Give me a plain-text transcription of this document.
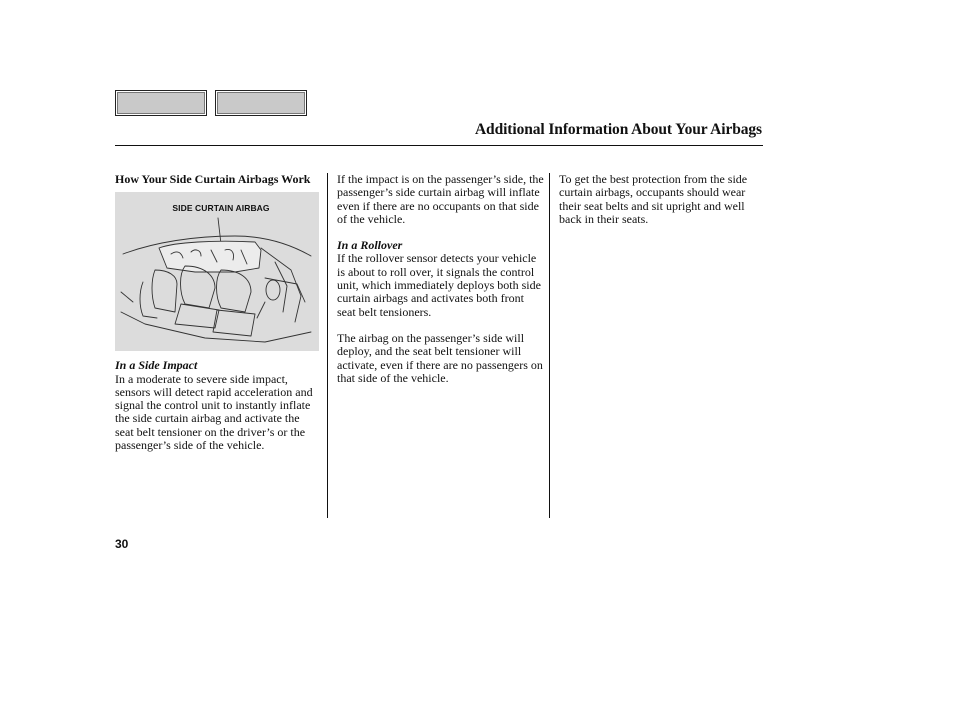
Additional Information About Your Airbags
How Your Side Curtain Airbags Work
SIDE CURTAIN AIRBAG
In a Side Impact

In a moderate to severe side impact, sensors will detect rapid acceleration and signal the control unit to instantly inflate the side curtain airbag and activate the seat belt tensioner on the driver’s or the passenger’s side of the vehicle.

If the impact is on the passenger’s side, the passenger’s side curtain airbag will inflate even if there are no occupants on that side of the vehicle.

In a Rollover

If the rollover sensor detects your vehicle is about to roll over, it signals the control unit, which immediately deploys both side curtain airbags and activates both front seat belt tensioners.

The airbag on the passenger’s side will deploy, and the seat belt tensioner will activate, even if there are no passengers on that side of the vehicle.

To get the best protection from the side curtain airbags, occupants should wear their seat belts and sit upright and well back in their seats.

30
